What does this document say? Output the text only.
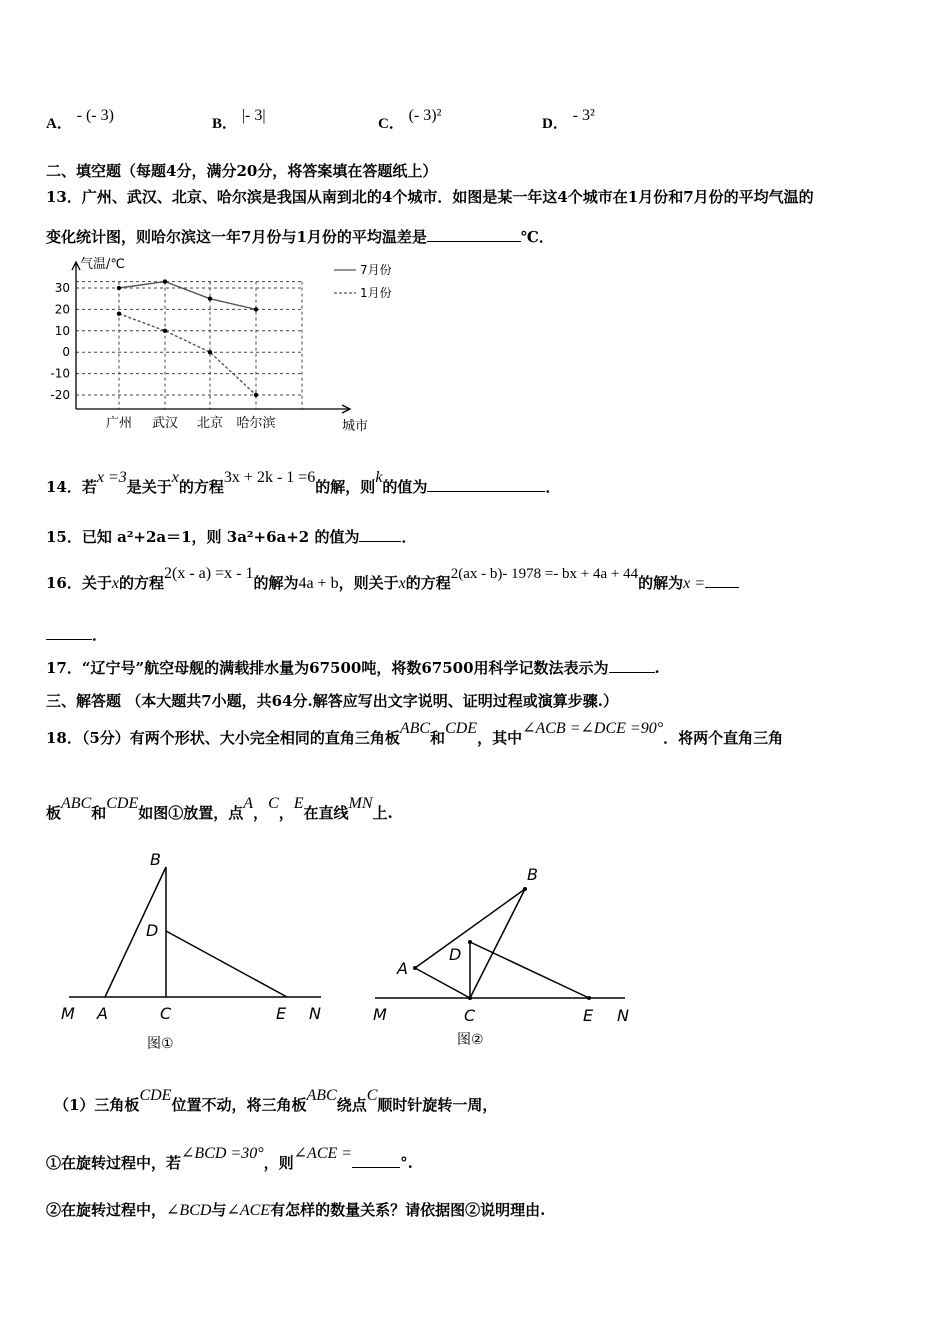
A． - (- 3)	B． |- 3|	C． (- 3)²	D． - 3²
二、填空题（每题4分，满分20分，将答案填在答题纸上）
13．广州、武汉、北京、哈尔滨是我国从南到北的4个城市．如图是某一年这4个城市在1月份和7月份的平均气温的
变化统计图，则哈尔滨这一年7月份与1月份的平均温差是	℃．
30
20
10
0
-10
-20
广州 武汉 北京 哈尔滨
气温/℃
城市
7月份
1月份
14．若x =3是关于x的方程3x + 2k - 1 =6的解，则k的值为	．
15．已知 a²+2a＝1，则 3a²+6a+2 的值为	．
16．关于x的方程2(x - a) =x - 1的解为4a + b，则关于x的方程2(ax - b)- 1978 =- bx + 4a + 44的解为x =
．
17．“辽宁号”航空母舰的满载排水量为67500吨，将数67500用科学记数法表示为	.
三、解答题 （本大题共7小题，共64分.解答应写出文字说明、证明过程或演算步骤.）
18．（5分）有两个形状、大小完全相同的直角三角板ABC和CDE，其中∠ACB =∠DCE =90°．将两个直角三角
板ABC和CDE如图①放置，点A，C，E在直线MN上.
B
D
M A	C	E N
图①
B
D
A
M	C	E N
图②
（1）三角板CDE位置不动，将三角板ABC绕点C顺时针旋转一周，
①在旋转过程中，若∠BCD =30°，则∠ACE =°.
②在旋转过程中，∠BCD与∠ACE有怎样的数量关系？请依据图②说明理由.
